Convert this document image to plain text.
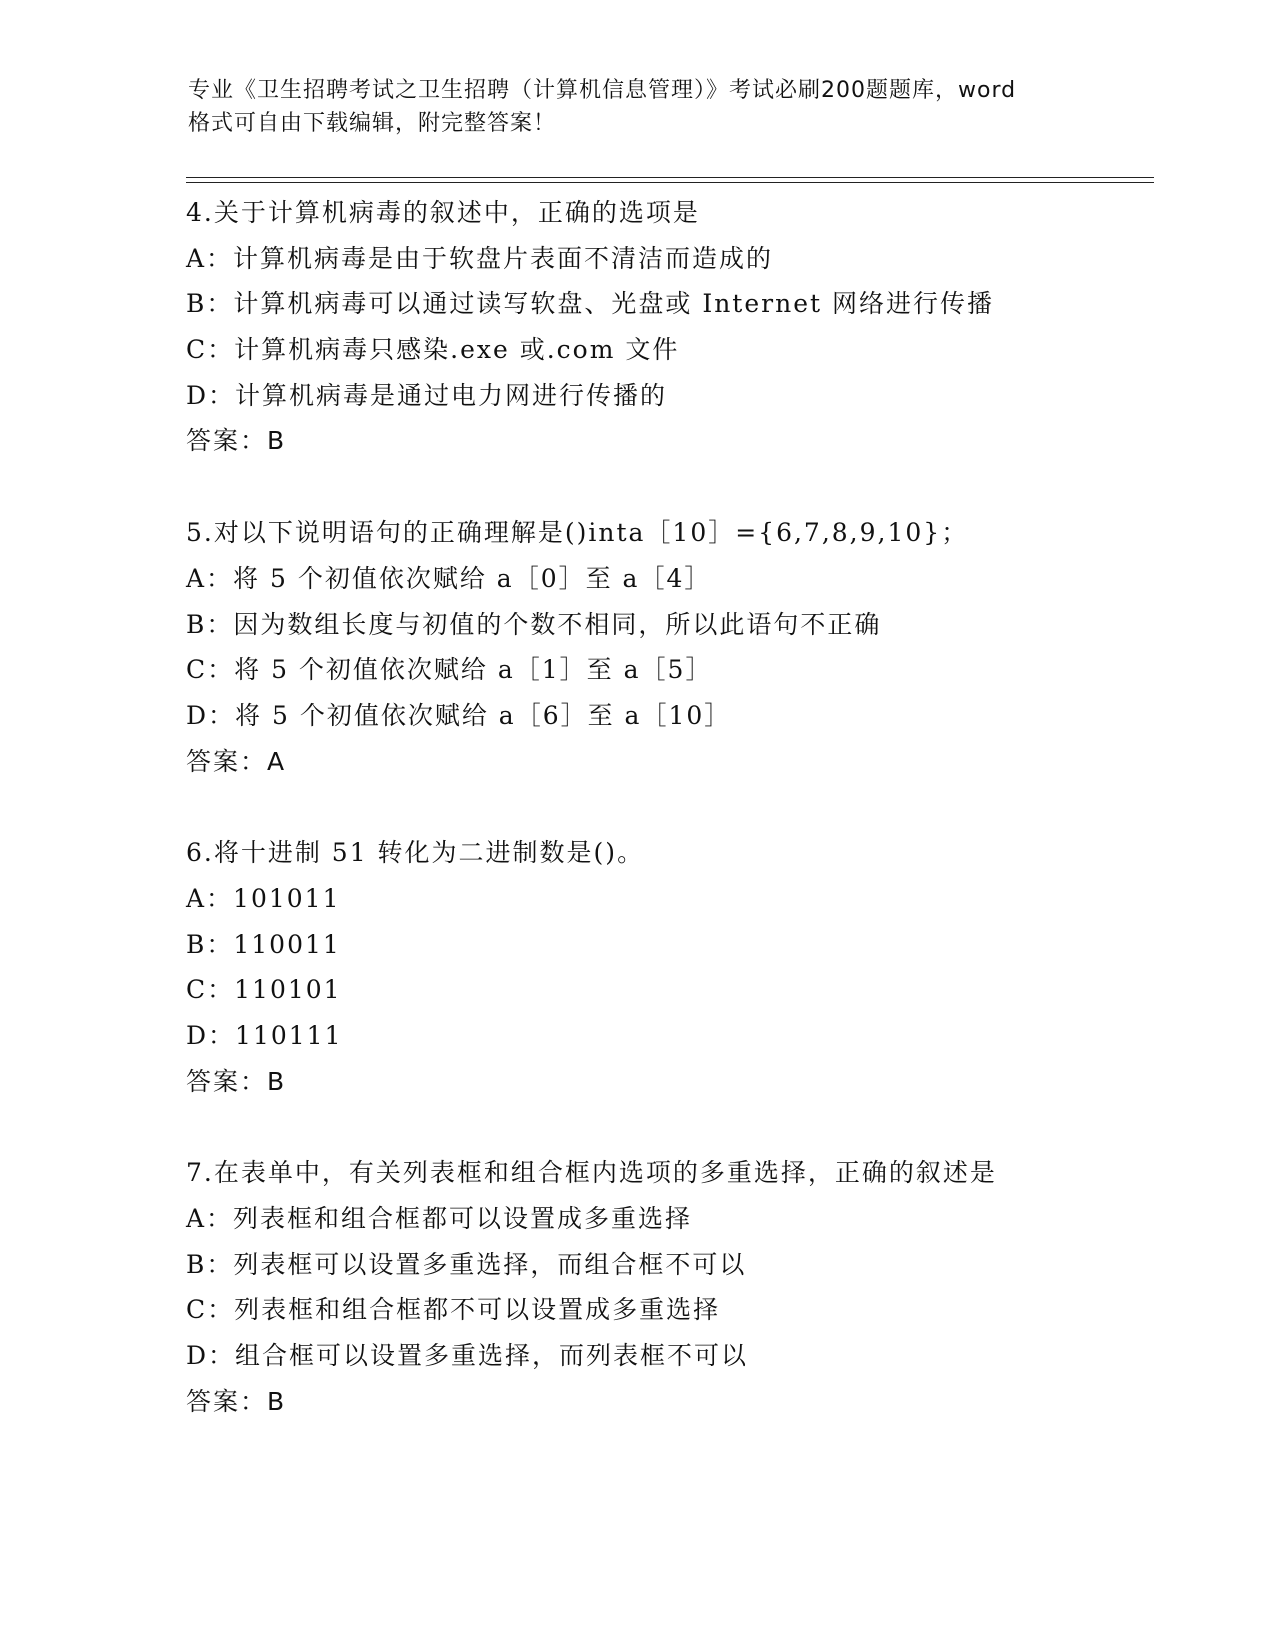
专业《卫生招聘考试之卫生招聘（计算机信息管理）》考试必刷200题题库，word
格式可自由下载编辑，附完整答案！
4.关于计算机病毒的叙述中，正确的选项是
A：计算机病毒是由于软盘片表面不清洁而造成的
B：计算机病毒可以通过读写软盘、光盘或 Internet 网络进行传播
C：计算机病毒只感染.exe 或.com 文件
D：计算机病毒是通过电力网进行传播的
答案：B
5.对以下说明语句的正确理解是()inta［10］={6,7,8,9,10}；
A：将 5 个初值依次赋给 a［0］至 a［4］
B：因为数组长度与初值的个数不相同，所以此语句不正确
C：将 5 个初值依次赋给 a［1］至 a［5］
D：将 5 个初值依次赋给 a［6］至 a［10］
答案：A
6.将十进制 51 转化为二进制数是()。
A：101011
B：110011
C：110101
D：110111
答案：B
7.在表单中，有关列表框和组合框内选项的多重选择，正确的叙述是
A：列表框和组合框都可以设置成多重选择
B：列表框可以设置多重选择，而组合框不可以
C：列表框和组合框都不可以设置成多重选择
D：组合框可以设置多重选择，而列表框不可以
答案：B
